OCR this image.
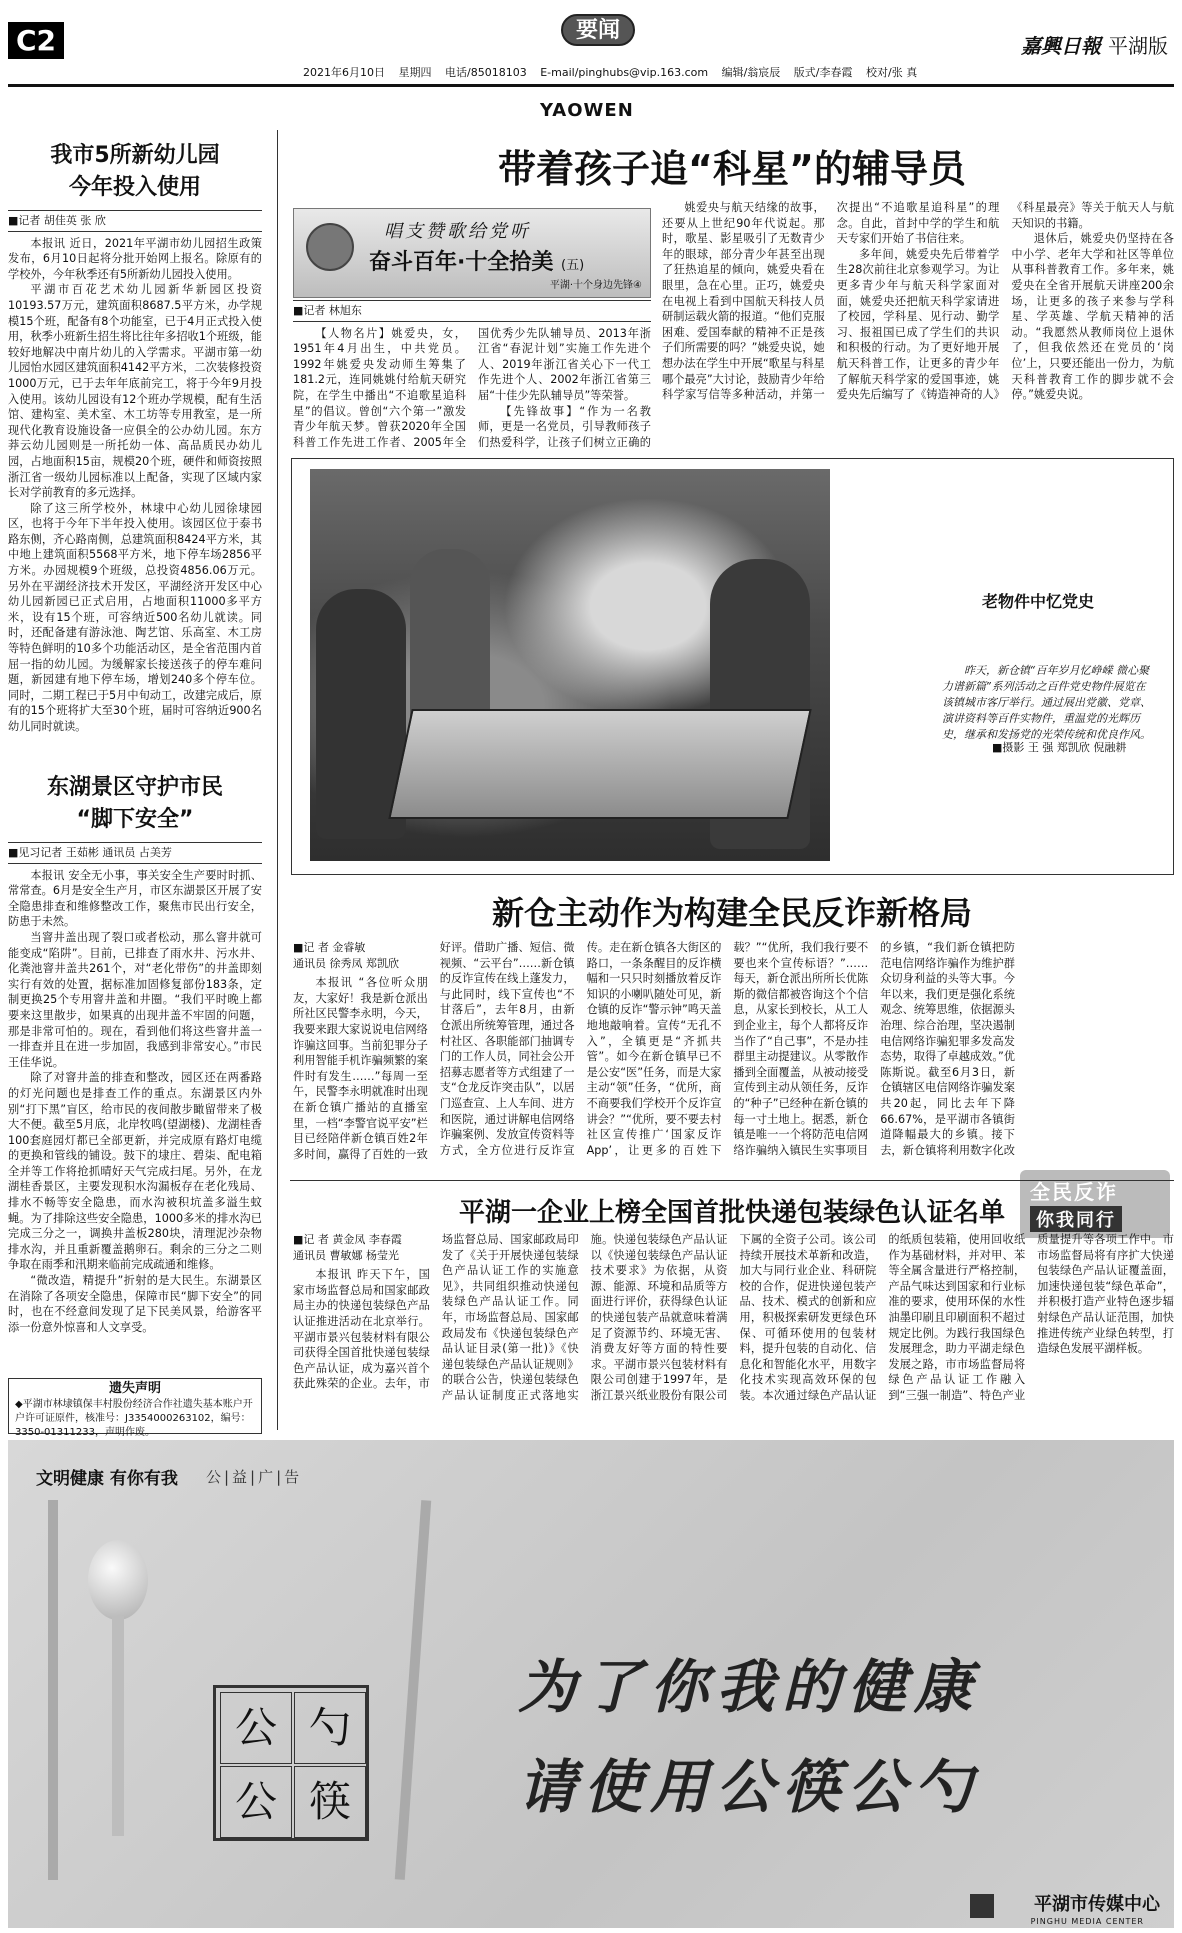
C2	要闻
嘉興日報 平湖版
2021年6月10日 星期四 电话/85018103 E-mail/pinghubs@vip.163.com 编辑/翁宸辰 版式/李春霞 校对/张 真
YAOWEN
我市5所新幼儿园
今年投入使用
■记者 胡佳英 张 欣

本报讯 近日，2021年平湖市幼儿园招生政策发布，6月10日起将分批开始网上报名。除原有的学校外，今年秋季还有5所新幼儿园投入使用。

平湖市百花艺术幼儿园新华新园区投资10193.57万元，建筑面积8687.5平方米，办学规模15个班，配备有8个功能室，已于4月正式投入使用，秋季小班新生招生将比往年多招收1个班级，能较好地解决中南片幼儿的入学需求。平湖市第一幼儿园怡水园区建筑面积4142平方米，二次装修投资1000万元，已于去年年底前完工，将于今年9月投入使用。该幼儿园设有12个班办学规模，配有生活馆、建构室、美术室、木工坊等专用教室，是一所现代化教育设施设备一应俱全的公办幼儿园。东方莽云幼儿园则是一所托幼一体、高品质民办幼儿园，占地面积15亩，规模20个班，硬件和师资按照浙江省一级幼儿园标准以上配备，实现了区域内家长对学前教育的多元选择。

除了这三所学校外，林埭中心幼儿园徐埭园区，也将于今年下半年投入使用。该园区位于泰书路东侧，齐心路南侧，总建筑面积8424平方米，其中地上建筑面积5568平方米，地下停车场2856平方米。办园规模9个班级，总投资4856.06万元。另外在平湖经济技术开发区，平湖经济开发区中心幼儿园新园已正式启用，占地面积11000多平方米，设有15个班，可容纳近500名幼儿就读。同时，还配备建有游泳池、陶艺馆、乐高室、木工房等特色鲜明的10多个功能活动区，是全省范围内首屈一指的幼儿园。为缓解家长接送孩子的停车难问题，新园建有地下停车场，增划240多个停车位。同时，二期工程已于5月中旬动工，改建完成后，原有的15个班将扩大至30个班，届时可容纳近900名幼儿同时就读。

东湖景区守护市民
“脚下安全”
■见习记者 王茹彬 通讯员 占美芳

本报讯 安全无小事，事关安全生产要时时抓、常常查。6月是安全生产月，市区东湖景区开展了安全隐患排查和维修整改工作，聚焦市民出行安全，防患于未然。

当窨井盖出现了裂口或者松动，那么窨井就可能变成“陷阱”。目前，已排查了雨水井、污水井、化粪池窨井盖共261个，对“老化带伤”的井盖即刻实行有效的处置，据标准加固修复部份183条，定制更换25个专用窨井盖和井圈。“我们平时晚上都要来这里散步，如果真的出现井盖不牢固的问题，那是非常可怕的。现在，看到他们将这些窨井盖一一排查并且在进一步加固，我感到非常安心。”市民王佳华说。

除了对窨井盖的排查和整改，园区还在两番路的灯光问题也是排查工作的重点。东湖景区内外别“打下黑”盲区，给市民的夜间散步瞰留带来了极大不便。截至5月底，北岸牧鸣(望湖楼)、龙湖桂香100套庭园灯都已全部更新，并完成原有路灯电缆的更换和管线的铺设。鼓下的埭庄、碧柒、配电箱全并等工作将抢抓晴好天气完成扫尾。另外，在龙湖桂香景区，主要发现积水沟漏板存在老化残局、排水不畅等安全隐患，而水沟被积坑盖多溢生蚊蝇。为了排除这些安全隐患，1000多米的排水沟已完成三分之一，调换井盖板280块，清理泥沙杂物排水沟，并且重新覆盖鹅卵石。剩余的三分之二则争取在雨季和汛期来临前完成疏通和维修。

“微改造，精提升”折射的是大民生。东湖景区在消除了各项安全隐患，保障市民“脚下安全”的同时，也在不经意间发现了足下民美风景，给游客平添一份意外惊喜和人文享受。

遗失声明
◆平湖市林埭镇保丰村股份经济合作社遗失基本账户开户许可证原件，核准号：J3354000263102，编号：3350-01311233，声明作废。
带着孩子追“科星”的辅导员
唱支赞歌给党听
奋斗百年·十全拾美 (五)
平湖·十个身边先锋④
■记者 林旭东

【人物名片】姚爱央，女，1951年4月出生，中共党员。1992年姚爱央发动师生筹集了181.2元，连同姚姚付给航天研究院，在学生中播出“不追歌星追科星”的倡议。曾创“六个第一”激发青少年航天梦。曾获2020年全国科普工作先进工作者、2005年全国优秀少先队辅导员、2013年浙江省“春泥计划”实施工作先进个人、2019年浙江省关心下一代工作先进个人、2002年浙江省第三届“十佳少先队辅导员”等荣誉。

【先锋故事】“作为一名教师，更是一名党员，引导教师孩子们热爱科学，让孩子们树立正确的

姚爱央与航天结缘的故事，还要从上世纪90年代说起。那时，歌星、影星吸引了无数青少年的眼球，部分青少年甚至出现了狂热追星的倾向，姚爱央看在眼里，急在心里。正巧，姚爱央在电视上看到中国航天科技人员研制运载火箭的报道。“他们克服困难、爱国奉献的精神不正是孩子们所需要的吗？”姚爱央说，她想办法在学生中开展“歌星与科星哪个最亮”大讨论，鼓励青少年给科学家写信等多种活动，并第一次提出“不追歌星追科星”的理念。自此，首封中学的学生和航天专家们开始了书信往来。

多年间，姚爱央先后带着学生28次前往北京参观学习。为让更多青少年与航天科学家面对面，姚爱央还把航天科学家请进了校园，学科星、见行动、勤学习、报祖国已成了学生们的共识和积极的行动。为了更好地开展航天科普工作，让更多的青少年了解航天科学家的爱国事迹，姚爱央先后编写了《铸造神奇的人》《科星最亮》等关于航天人与航天知识的书籍。

退休后，姚爱央仍坚持在各中小学、老年大学和社区等单位从事科普教育工作。多年来，姚爱央在全省开展航天讲座200余场，让更多的孩子来参与学科星、学英雄、学航天精神的活动。“我愿然从教师岗位上退休了，但我依然还在党员的‘岗位’上，只要还能出一份力，为航天科普教育工作的脚步就不会停。”姚爱央说。

老物件中忆党史
昨天，新仓镇“百年岁月忆峥嵘 微心聚力谱新篇”系列活动之百件党史物件展览在该镇城市客厅举行。通过展出党徽、党章、演讲资料等百件实物件，重温党的光辉历史，继承和发扬党的光荣传统和优良作风。
■摄影 王 强 郑凯欣 倪融耕
新仓主动作为构建全民反诈新格局
■记 者 金睿敏
通讯员 徐秀凤 郑凯欣

本报讯 “各位听众朋友，大家好！我是新仓派出所社区民警李永明，今天，我要来跟大家说说电信网络诈骗这回事。当前犯罪分子利用智能手机诈骗频繁的案件时有发生……”每周一至午，民警李永明就准时出现在新仓镇广播站的直播室里，一档“李警官说平安”栏目已经陪伴新仓镇百姓2年多时间，赢得了百姓的一致好评。借助广播、短信、微视频、“云平台”……新仓镇的反诈宣传在线上蓬发力，与此同时，线下宣传也“不甘落后”，去年8月，由新仓派出所统筹管理，通过各村社区、各职能部门抽调专门的工作人员，同社会公开招募志愿者等方式组建了一支“仓龙反诈突击队”，以居门巡查宣、上人车间、进方和医院，通过讲解电信网络诈骗案例、发放宣传资料等方式，全方位进行反诈宣传。走在新仓镇各大街区的路口，一条条醒目的反诈横幅和一只只时刻播放着反诈知识的小喇叭随处可见，新仓镇的反诈“警示钟”鸣天盖地地敲响着。宣传“无孔不入”，全镇更是“齐抓共管”。如今在新仓镇早已不是公安“医”任务，而是大家主动“领”任务，“优所，商不商要我们学校开个反诈宣讲会？”“优所，要不要去村社区宣传推广‘国家反诈App’，让更多的百姓下载？”“优所，我们我行要不要也来个宣传标语？”……每天，新仓派出所所长优陈斯的微信都被咨询这个个信息，从家长到校长，从工人到企业主，每个人都将反诈当作了“自己事”，不是办挂群里主动提建议。从零散作播到全面覆盖，从被动接受宣传到主动从领任务，反诈的“种子”已经种在新仓镇的每一寸土地上。据悉，新仓镇是唯一一个将防范电信网络诈骗纳入镇民生实事项目的乡镇，“我们新仓镇把防范电信网络诈骗作为维护群众切身利益的头等大事。今年以来，我们更是强化系统观念、统筹思维，依据源头治理、综合治理，坚决遏制电信网络诈骗犯罪多发高发态势，取得了卓越成效。”优陈斯说。截至6月3日，新仓镇辖区电信网络诈骗发案共20起，同比去年下降66.67%，是平湖市各镇街道降幅最大的乡镇。接下去，新仓镇将利用数字化改

全民反诈
你我同行
平湖一企业上榜全国首批快递包装绿色认证名单
■记 者 黄金凤 李春霞
通讯员 曹敏娜 杨莹光

本报讯 昨天下午，国家市场监督总局和国家邮政局主办的快递包装绿色产品认证推进活动在北京举行。平湖市景兴包装材料有限公司获得全国首批快递包装绿色产品认证，成为嘉兴首个获此殊荣的企业。去年，市场监督总局、国家邮政局印发了《关于开展快递包装绿色产品认证工作的实施意见》，共同组织推动快递包装绿色产品认证工作。同年，市场监督总局、国家邮政局发布《快递包装绿色产品认证目录(第一批)》《快递包装绿色产品认证规则》的联合公告，快递包装绿色产品认证制度正式落地实施。快递包装绿色产品认证以《快递包装绿色产品认证技术要求》为依据，从资源、能源、环境和品质等方面进行评价，获得绿色认证的快递包装产品就意味着满足了资源节约、环境无害、消费友好等方面的特性要求。平湖市景兴包装材料有限公司创建于1997年，是浙江景兴纸业股份有限公司下属的全资子公司。该公司持续开展技术革新和改造，加大与同行业企业、科研院校的合作，促进快递包装产品、技术、模式的创新和应用，积极探索研发更绿色环保、可循环使用的包装材料，提升包装的自动化、信息化和智能化水平，用数字化技术实现高效环保的包装。本次通过绿色产品认证的纸质包装箱，使用回收纸作为基础材料，并对甲、苯等全属含量进行严格控制，产品气味达到国家和行业标准的要求，使用环保的水性油墨印刷且印刷面积不超过规定比例。为践行我国绿色发展理念，助力平湖走绿色发展之路，市市场监督局将绿色产品认证工作融入到“三强一制造”、特色产业质量提升等各项工作中。市市场监督局将有序扩大快递包装绿色产品认证覆盖面，加速快递包装“绿色革命”，并积极打造产业特色逐步辐射绿色产品认证范围，加快推进传统产业绿色转型，打造绿色发展平湖样板。

文明健康 有你有我 公|益|广|告
公 勺
公 筷
为了你我的健康
请使用公筷公勺
平湖市传媒中心
PINGHU MEDIA CENTER
